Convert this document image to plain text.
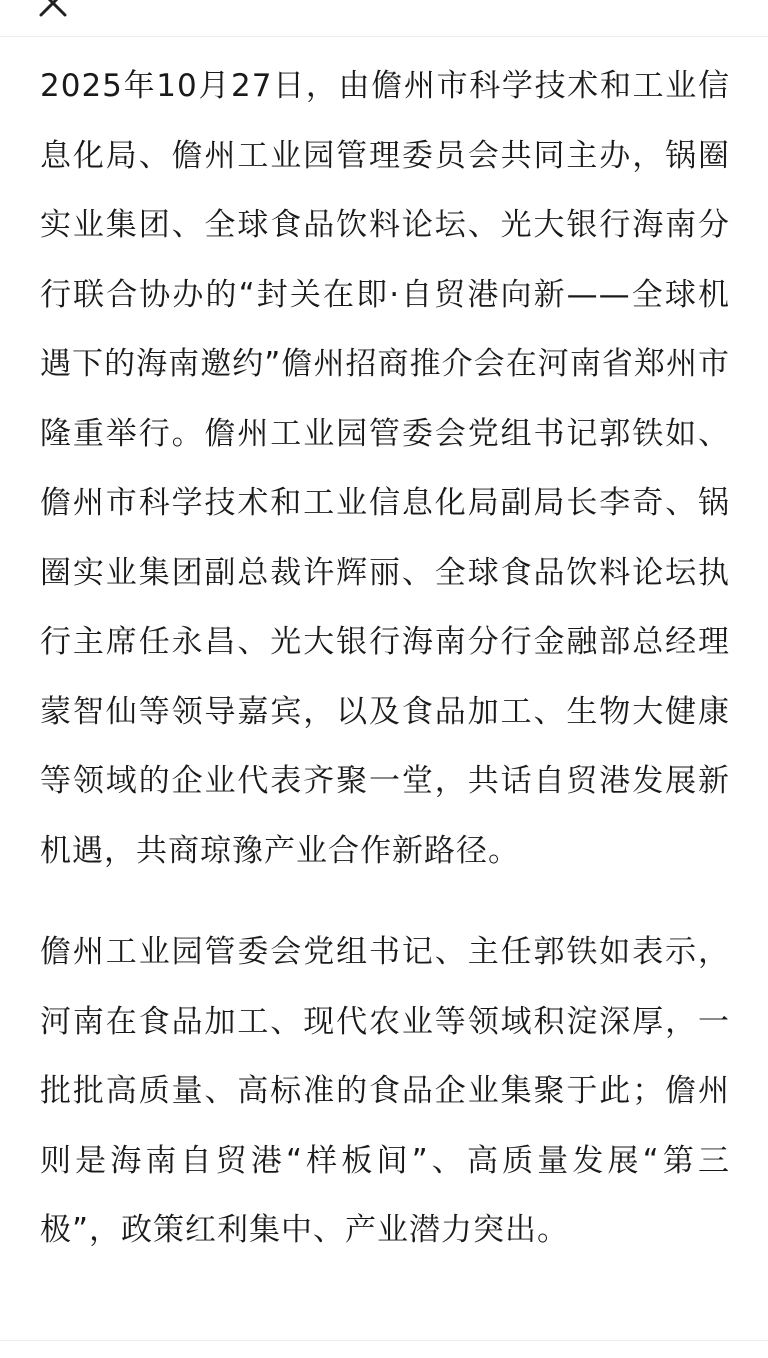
2025年10月27日，由儋州市科学技术和工业信息化局、儋州工业园管理委员会共同主办，锅圈实业集团、全球食品饮料论坛、光大银行海南分行联合协办的“封关在即·自贸港向新——全球机遇下的海南邀约”儋州招商推介会在河南省郑州市隆重举行。儋州工业园管委会党组书记郭铁如、儋州市科学技术和工业信息化局副局长李奇、锅圈实业集团副总裁许辉丽、全球食品饮料论坛执行主席任永昌、光大银行海南分行金融部总经理蒙智仙等领导嘉宾，以及食品加工、生物大健康等领域的企业代表齐聚一堂，共话自贸港发展新机遇，共商琼豫产业合作新路径。

儋州工业园管委会党组书记、主任郭铁如表示，河南在食品加工、现代农业等领域积淀深厚，一批批高质量、高标准的食品企业集聚于此；儋州则是海南自贸港“样板间”、高质量发展“第三极”，政策红利集中、产业潜力突出。
